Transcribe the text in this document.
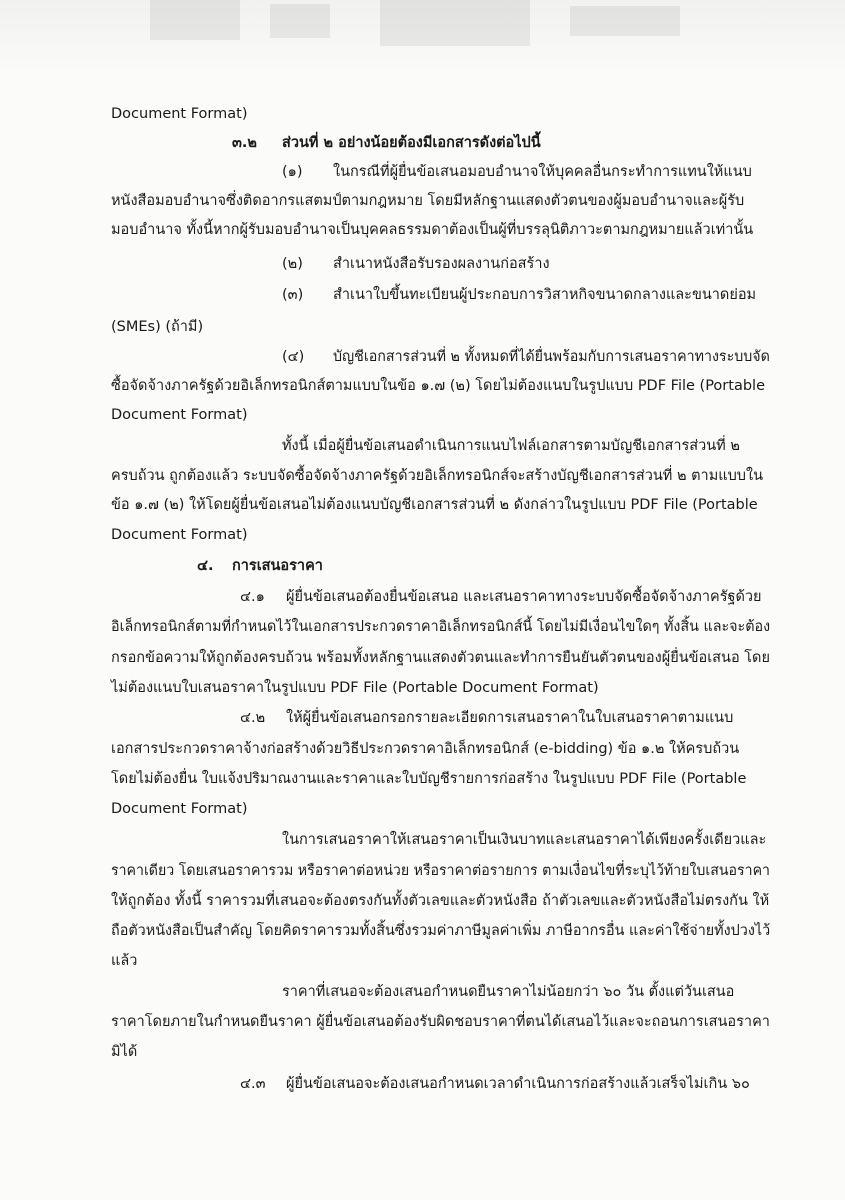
Document Format)
๓.๒ ส่วนที่ ๒ อย่างน้อยต้องมีเอกสารดังต่อไปนี้
(๑) ในกรณีที่ผู้ยื่นข้อเสนอมอบอำนาจให้บุคคลอื่นกระทำการแทนให้แนบ
หนังสือมอบอำนาจซึ่งติดอากรแสตมป์ตามกฎหมาย โดยมีหลักฐานแสดงตัวตนของผู้มอบอำนาจและผู้รับ
มอบอำนาจ ทั้งนี้หากผู้รับมอบอำนาจเป็นบุคคลธรรมดาต้องเป็นผู้ที่บรรลุนิติภาวะตามกฎหมายแล้วเท่านั้น
(๒) สำเนาหนังสือรับรองผลงานก่อสร้าง
(๓) สำเนาใบขึ้นทะเบียนผู้ประกอบการวิสาหกิจขนาดกลางและขนาดย่อม
(SMEs) (ถ้ามี)
(๔) บัญชีเอกสารส่วนที่ ๒ ทั้งหมดที่ได้ยื่นพร้อมกับการเสนอราคาทางระบบจัด
ซื้อจัดจ้างภาครัฐด้วยอิเล็กทรอนิกส์ตามแบบในข้อ ๑.๗ (๒) โดยไม่ต้องแนบในรูปแบบ PDF File (Portable
Document Format)
ทั้งนี้ เมื่อผู้ยื่นข้อเสนอดำเนินการแนบไฟล์เอกสารตามบัญชีเอกสารส่วนที่ ๒
ครบถ้วน ถูกต้องแล้ว ระบบจัดซื้อจัดจ้างภาครัฐด้วยอิเล็กทรอนิกส์จะสร้างบัญชีเอกสารส่วนที่ ๒ ตามแบบใน
ข้อ ๑.๗ (๒) ให้โดยผู้ยื่นข้อเสนอไม่ต้องแนบบัญชีเอกสารส่วนที่ ๒ ดังกล่าวในรูปแบบ PDF File (Portable
Document Format)
๔. การเสนอราคา
๔.๑ ผู้ยื่นข้อเสนอต้องยื่นข้อเสนอ และเสนอราคาทางระบบจัดซื้อจัดจ้างภาครัฐด้วย
อิเล็กทรอนิกส์ตามที่กำหนดไว้ในเอกสารประกวดราคาอิเล็กทรอนิกส์นี้ โดยไม่มีเงื่อนไขใดๆ ทั้งสิ้น และจะต้อง
กรอกข้อความให้ถูกต้องครบถ้วน พร้อมทั้งหลักฐานแสดงตัวตนและทำการยืนยันตัวตนของผู้ยื่นข้อเสนอ โดย
ไม่ต้องแนบใบเสนอราคาในรูปแบบ PDF File (Portable Document Format)
๔.๒ ให้ผู้ยื่นข้อเสนอกรอกรายละเอียดการเสนอราคาในใบเสนอราคาตามแนบ
เอกสารประกวดราคาจ้างก่อสร้างด้วยวิธีประกวดราคาอิเล็กทรอนิกส์ (e-bidding) ข้อ ๑.๒ ให้ครบถ้วน
โดยไม่ต้องยื่น ใบแจ้งปริมาณงานและราคาและใบบัญชีรายการก่อสร้าง ในรูปแบบ PDF File (Portable
Document Format)
ในการเสนอราคาให้เสนอราคาเป็นเงินบาทและเสนอราคาได้เพียงครั้งเดียวและ
ราคาเดียว โดยเสนอราคารวม หรือราคาต่อหน่วย หรือราคาต่อรายการ ตามเงื่อนไขที่ระบุไว้ท้ายใบเสนอราคา
ให้ถูกต้อง ทั้งนี้ ราคารวมที่เสนอจะต้องตรงกันทั้งตัวเลขและตัวหนังสือ ถ้าตัวเลขและตัวหนังสือไม่ตรงกัน ให้
ถือตัวหนังสือเป็นสำคัญ โดยคิดราคารวมทั้งสิ้นซึ่งรวมค่าภาษีมูลค่าเพิ่ม ภาษีอากรอื่น และค่าใช้จ่ายทั้งปวงไว้
แล้ว
ราคาที่เสนอจะต้องเสนอกำหนดยืนราคาไม่น้อยกว่า ๖๐ วัน ตั้งแต่วันเสนอ
ราคาโดยภายในกำหนดยืนราคา ผู้ยื่นข้อเสนอต้องรับผิดชอบราคาที่ตนได้เสนอไว้และจะถอนการเสนอราคา
มิได้
๔.๓ ผู้ยื่นข้อเสนอจะต้องเสนอกำหนดเวลาดำเนินการก่อสร้างแล้วเสร็จไม่เกิน ๖๐
